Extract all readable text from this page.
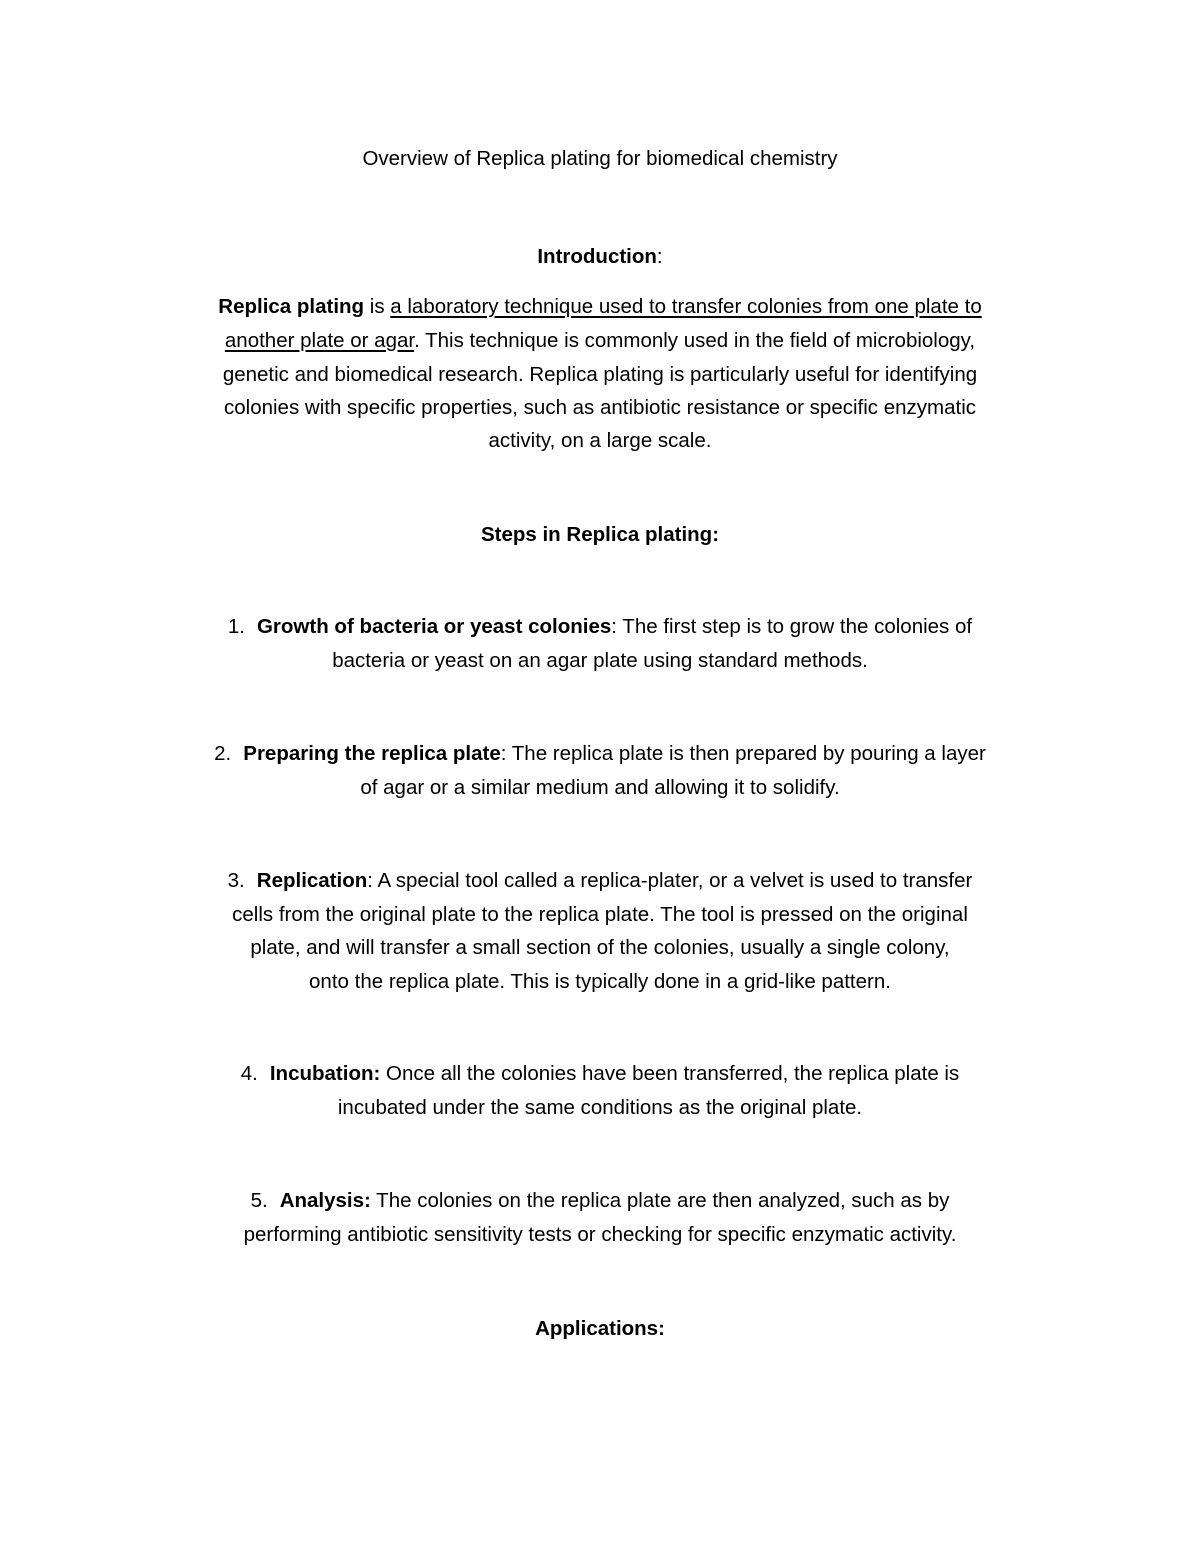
Overview of Replica plating for biomedical chemistry
Introduction:
Replica plating is a laboratory technique used to transfer colonies from one plate to
another plate or agar. This technique is commonly used in the field of microbiology,
genetic and biomedical research. Replica plating is particularly useful for identifying
colonies with specific properties, such as antibiotic resistance or specific enzymatic
activity, on a large scale.
Steps in Replica plating:
1. Growth of bacteria or yeast colonies: The first step is to grow the colonies of
bacteria or yeast on an agar plate using standard methods.
2. Preparing the replica plate: The replica plate is then prepared by pouring a layer
of agar or a similar medium and allowing it to solidify.
3. Replication: A special tool called a replica-plater, or a velvet is used to transfer
cells from the original plate to the replica plate. The tool is pressed on the original
plate, and will transfer a small section of the colonies, usually a single colony,
onto the replica plate. This is typically done in a grid-like pattern.
4. Incubation: Once all the colonies have been transferred, the replica plate is
incubated under the same conditions as the original plate.
5. Analysis: The colonies on the replica plate are then analyzed, such as by
performing antibiotic sensitivity tests or checking for specific enzymatic activity.
Applications:
